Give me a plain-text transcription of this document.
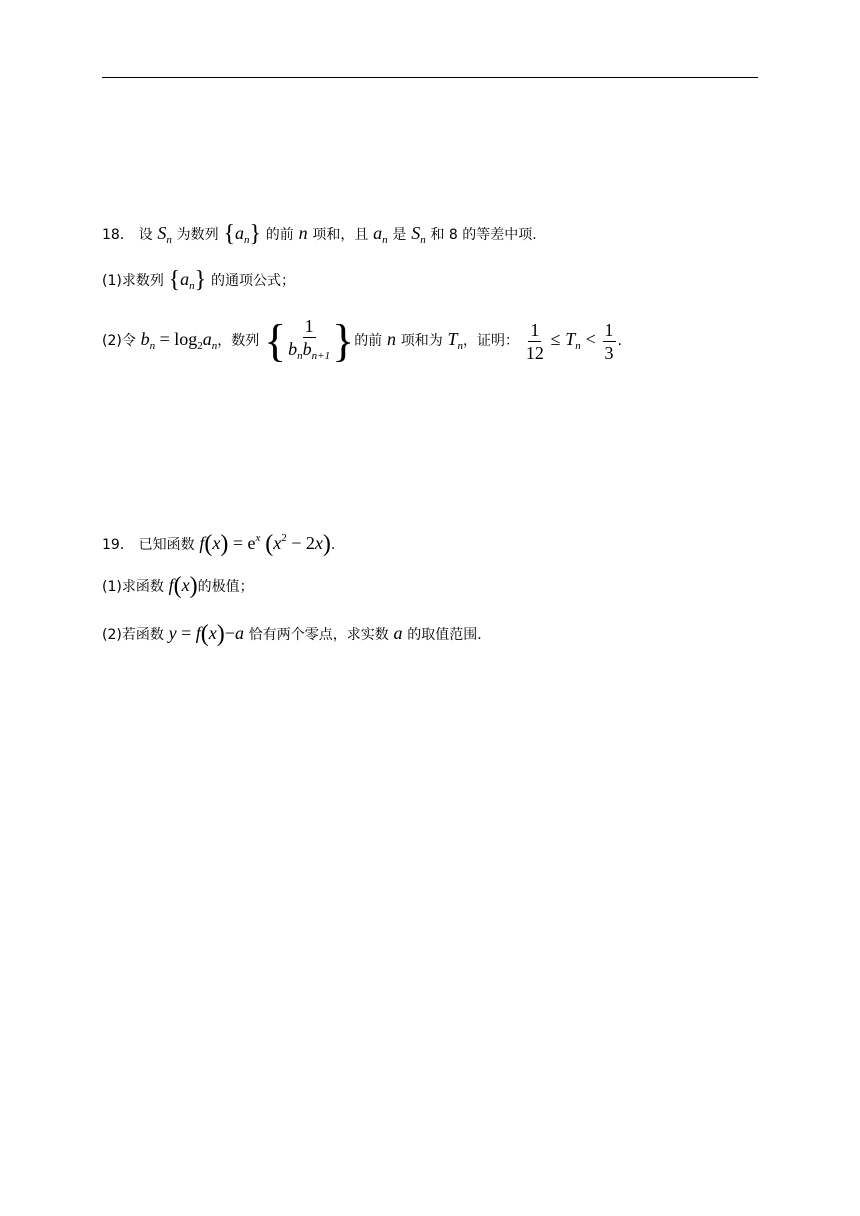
18． 设 $S_n$ 为数列 $\{a_n\}$ 的前 n 项和，且 $a_n$ 是 $S_n$ 和 8 的等差中项.
(1)求数列 $\{a_n\}$ 的通项公式；
(2)令 $b_n = \log_2a_n$，数列 { $\frac{1}{b_nb_{n+1}}$ }的前 n 项和为 $T_n$，证明： $\frac{1}{12} \le T_n < \frac{1}{3}$ .
19． 已知函数 $f(x) = e^x$ $(x^2 - 2x)$.
(1)求函数 f(x)的极值；
(2)若函数 y = f(x)−a 恰有两个零点，求实数 a 的取值范围.
